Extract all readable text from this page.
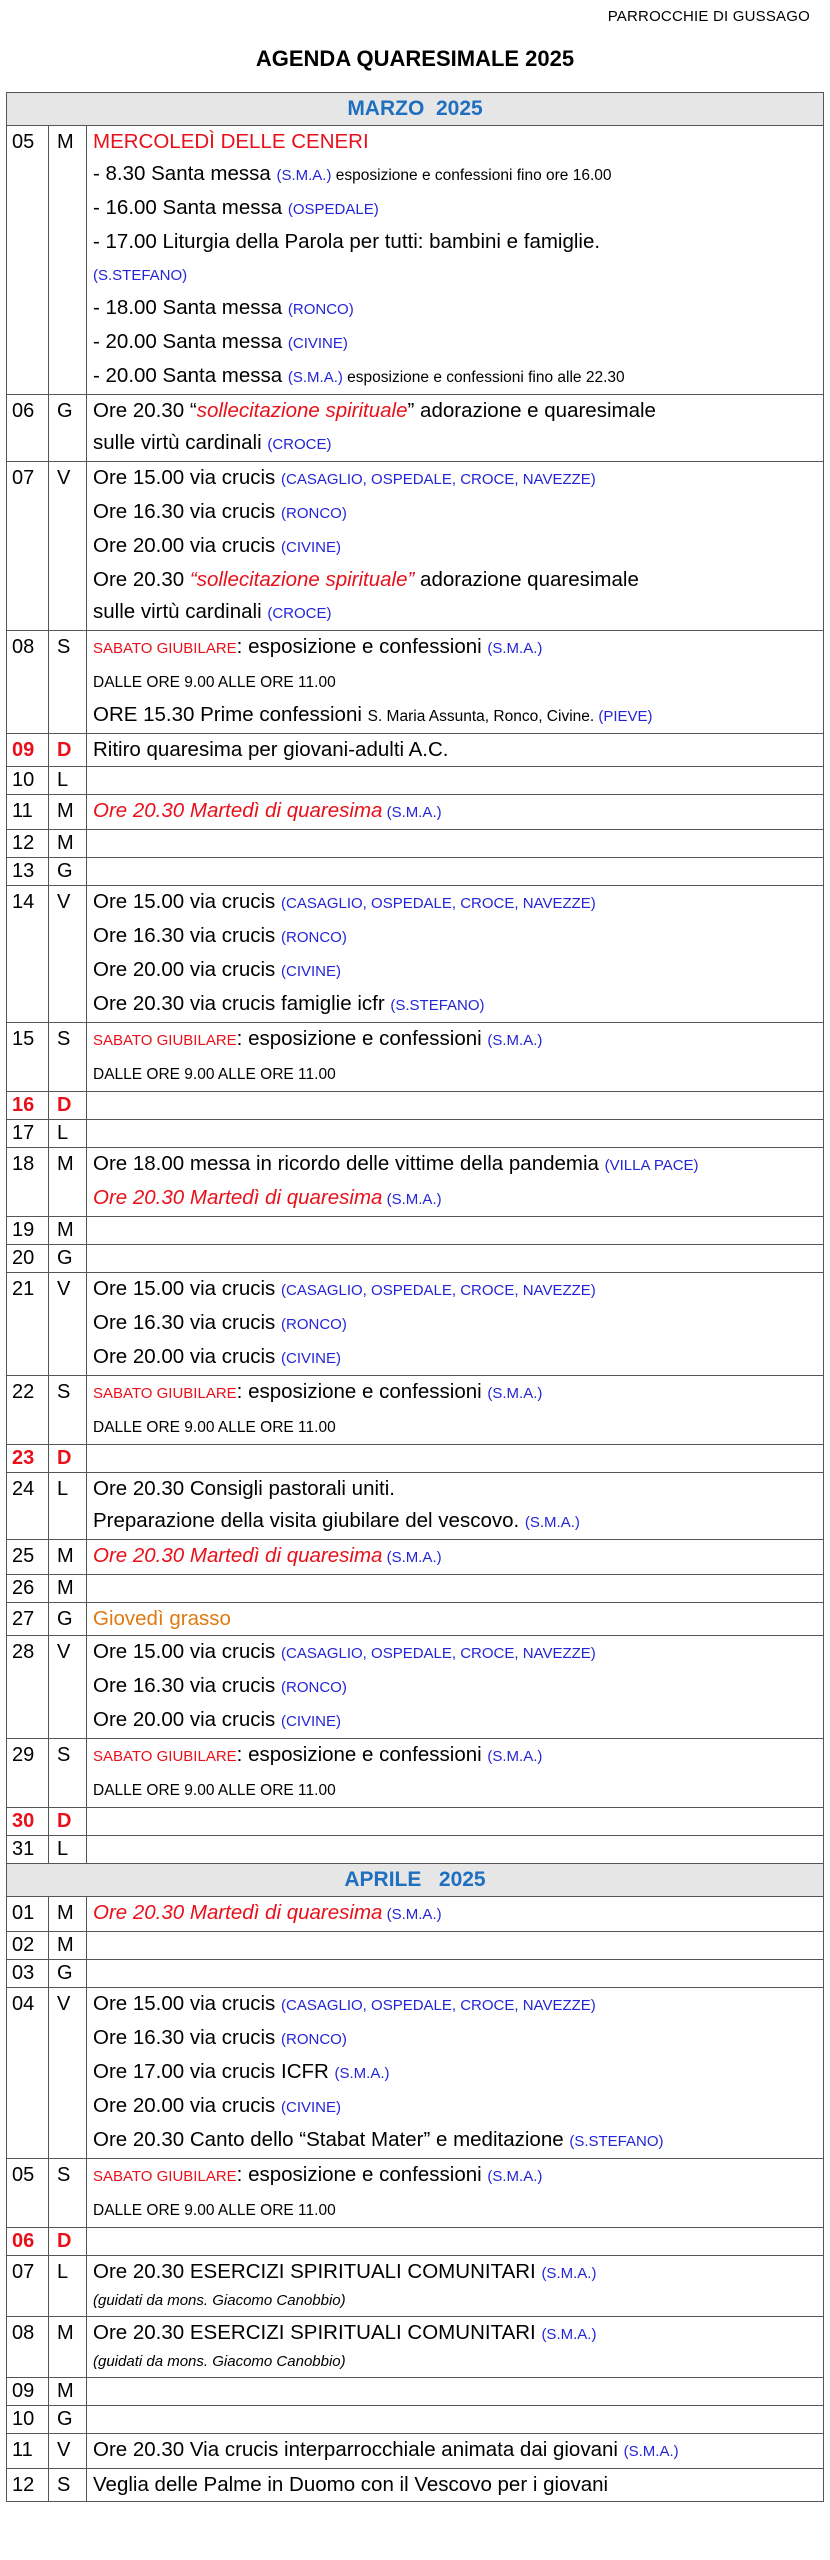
PARROCCHIE DI GUSSAGO
AGENDA QUARESIMALE 2025
MARZO  2025
05	M MERCOLEDÌ DELLE CENERI
- 8.30 Santa messa (S.M.A.) esposizione e confessioni fino ore 16.00
- 16.00 Santa messa (OSPEDALE)
- 17.00 Liturgia della Parola per tutti: bambini e famiglie.
(S.STEFANO)
- 18.00 Santa messa (RONCO)
- 20.00 Santa messa (CIVINE)
- 20.00 Santa messa (S.M.A.) esposizione e confessioni fino alle 22.30
06	G Ore 20.30 “sollecitazione spirituale” adorazione e quaresimale
sulle virtù cardinali (CROCE)
07	V	Ore 15.00 via crucis (CASAGLIO, OSPEDALE, CROCE, NAVEZZE)
Ore 16.30 via crucis (RONCO)
Ore 20.00 via crucis (CIVINE)
Ore 20.30 “sollecitazione spirituale” adorazione quaresimale
sulle virtù cardinali (CROCE)
08	S	SABATO GIUBILARE: esposizione e confessioni (S.M.A.)
DALLE ORE 9.00 ALLE ORE 11.00
ORE 15.30 Prime confessioni S. Maria Assunta, Ronco, Civine. (PIEVE)
09	D	Ritiro quaresima per giovani-adulti A.C.
10	L
11	M Ore 20.30 Martedì di quaresima (S.M.A.)
12	M
13	G
14	V	Ore 15.00 via crucis (CASAGLIO, OSPEDALE, CROCE, NAVEZZE)
Ore 16.30 via crucis (RONCO)
Ore 20.00 via crucis (CIVINE)
Ore 20.30 via crucis famiglie icfr (S.STEFANO)
15	S	SABATO GIUBILARE: esposizione e confessioni (S.M.A.)
DALLE ORE 9.00 ALLE ORE 11.00
16	D
17	L
18	M Ore 18.00 messa in ricordo delle vittime della pandemia (VILLA PACE)
Ore 20.30 Martedì di quaresima (S.M.A.)
19	M
20	G
21	V	Ore 15.00 via crucis (CASAGLIO, OSPEDALE, CROCE, NAVEZZE)
Ore 16.30 via crucis (RONCO)
Ore 20.00 via crucis (CIVINE)
22	S	SABATO GIUBILARE: esposizione e confessioni (S.M.A.)
DALLE ORE 9.00 ALLE ORE 11.00
23	D
24	L	Ore 20.30 Consigli pastorali uniti.
Preparazione della visita giubilare del vescovo. (S.M.A.)
25	M Ore 20.30 Martedì di quaresima (S.M.A.)
26	M
27	G Giovedì grasso
28	V	Ore 15.00 via crucis (CASAGLIO, OSPEDALE, CROCE, NAVEZZE)
Ore 16.30 via crucis (RONCO)
Ore 20.00 via crucis (CIVINE)
29	S	SABATO GIUBILARE: esposizione e confessioni (S.M.A.)
DALLE ORE 9.00 ALLE ORE 11.00
30	D
31	L
APRILE   2025
01	M Ore 20.30 Martedì di quaresima (S.M.A.)
02	M
03	G
04	V	Ore 15.00 via crucis (CASAGLIO, OSPEDALE, CROCE, NAVEZZE)
Ore 16.30 via crucis (RONCO)
Ore 17.00 via crucis ICFR (S.M.A.)
Ore 20.00 via crucis (CIVINE)
Ore 20.30 Canto dello “Stabat Mater” e meditazione (S.STEFANO)
05	S	SABATO GIUBILARE: esposizione e confessioni (S.M.A.)
DALLE ORE 9.00 ALLE ORE 11.00
06	D
07	L	Ore 20.30 ESERCIZI SPIRITUALI COMUNITARI (S.M.A.)
(guidati da mons. Giacomo Canobbio)
08	M Ore 20.30 ESERCIZI SPIRITUALI COMUNITARI (S.M.A.)
(guidati da mons. Giacomo Canobbio)
09	M
10	G
11	V	Ore 20.30 Via crucis interparrocchiale animata dai giovani (S.M.A.)
12	S	Veglia delle Palme in Duomo con il Vescovo per i giovani
